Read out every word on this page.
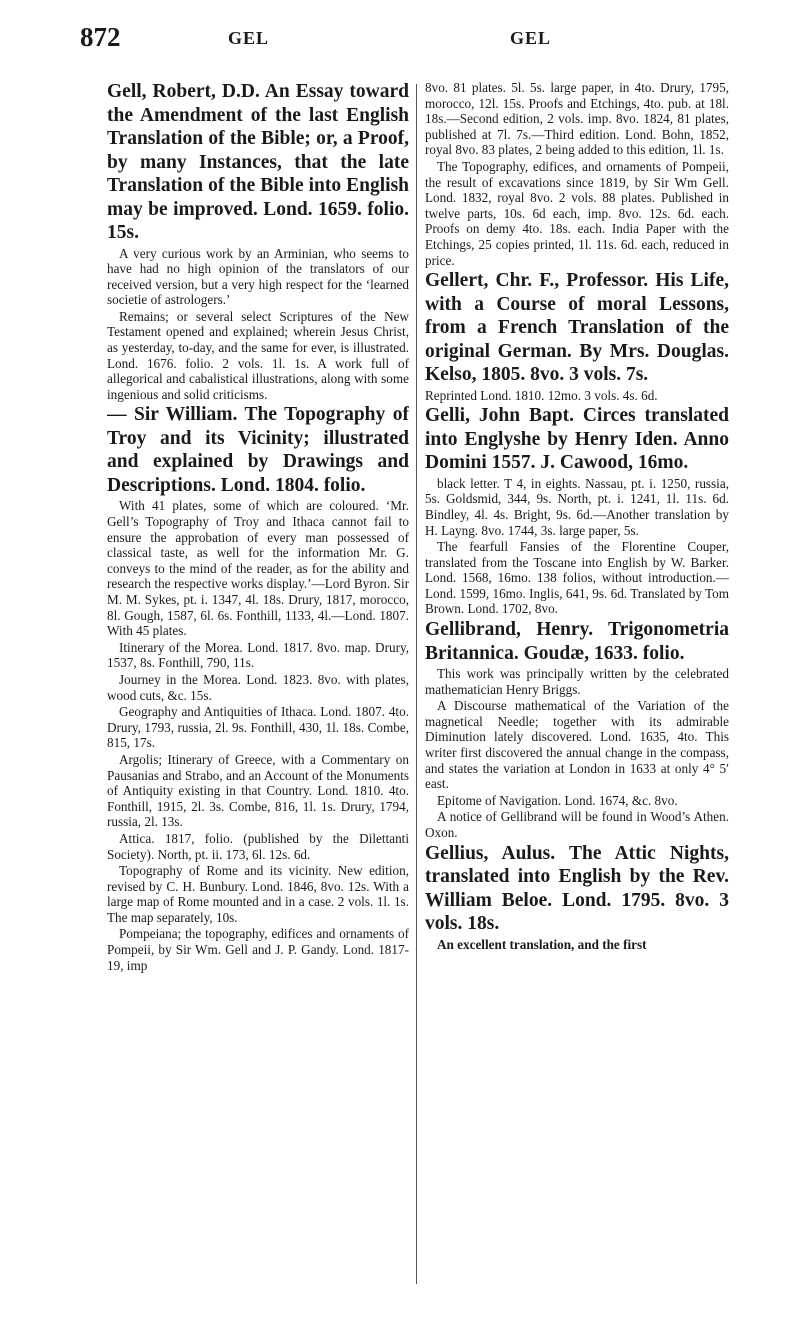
872	GEL	GEL

Gell, Robert, D.D. An Essay toward the Amendment of the last English Translation of the Bible; or, a Proof, by many Instances, that the late Translation of the Bible into English may be improved. Lond. 1659. folio. 15s.

A very curious work by an Arminian, who seems to have had no high opinion of the translators of our received version, but a very high respect for the ‘learned societie of astrologers.’

Remains; or several select Scriptures of the New Testament opened and explained; wherein Jesus Christ, as yesterday, to-day, and the same for ever, is illustrated. Lond. 1676. folio. 2 vols. 1l. 1s. A work full of allegorical and cabalistical illustrations, along with some ingenious and solid criticisms.

— Sir William. The Topography of Troy and its Vicinity; illustrated and explained by Drawings and Descriptions. Lond. 1804. folio.

With 41 plates, some of which are coloured. ‘Mr. Gell’s Topography of Troy and Ithaca cannot fail to ensure the approbation of every man possessed of classical taste, as well for the information Mr. G. conveys to the mind of the reader, as for the ability and research the respective works display.’—Lord Byron. Sir M. M. Sykes, pt. i. 1347, 4l. 18s. Drury, 1817, morocco, 8l. Gough, 1587, 6l. 6s. Fonthill, 1133, 4l.—Lond. 1807. With 45 plates.

Itinerary of the Morea. Lond. 1817. 8vo. map. Drury, 1537, 8s. Fonthill, 790, 11s.

Journey in the Morea. Lond. 1823. 8vo. with plates, wood cuts, &c. 15s.

Geography and Antiquities of Ithaca. Lond. 1807. 4to. Drury, 1793, russia, 2l. 9s. Fonthill, 430, 1l. 18s. Combe, 815, 17s.

Argolis; Itinerary of Greece, with a Commentary on Pausanias and Strabo, and an Account of the Monuments of Antiquity existing in that Country. Lond. 1810. 4to. Fonthill, 1915, 2l. 3s. Combe, 816, 1l. 1s. Drury, 1794, russia, 2l. 13s.

Attica. 1817, folio. (published by the Dilettanti Society). North, pt. ii. 173, 6l. 12s. 6d.

Topography of Rome and its vicinity. New edition, revised by C. H. Bunbury. Lond. 1846, 8vo. 12s. With a large map of Rome mounted and in a case. 2 vols. 1l. 1s. The map separately, 10s.

Pompeiana; the topography, edifices and ornaments of Pompeii, by Sir Wm. Gell and J. P. Gandy. Lond. 1817-19, imp

8vo. 81 plates. 5l. 5s. large paper, in 4to. Drury, 1795, morocco, 12l. 15s. Proofs and Etchings, 4to. pub. at 18l. 18s.—Second edition, 2 vols. imp. 8vo. 1824, 81 plates, published at 7l. 7s.—Third edition. Lond. Bohn, 1852, royal 8vo. 83 plates, 2 being added to this edition, 1l. 1s.

The Topography, edifices, and ornaments of Pompeii, the result of excavations since 1819, by Sir Wm Gell. Lond. 1832, royal 8vo. 2 vols. 88 plates. Published in twelve parts, 10s. 6d each, imp. 8vo. 12s. 6d. each. Proofs on demy 4to. 18s. each. India Paper with the Etchings, 25 copies printed, 1l. 11s. 6d. each, reduced in price.

Gellert, Chr. F., Professor. His Life, with a Course of moral Lessons, from a French Translation of the original German. By Mrs. Douglas. Kelso, 1805. 8vo. 3 vols. 7s.

Reprinted Lond. 1810. 12mo. 3 vols. 4s. 6d.

Gelli, John Bapt. Circes translated into Englyshe by Henry Iden. Anno Domini 1557. J. Cawood, 16mo.

black letter. T 4, in eights. Nassau, pt. i. 1250, russia, 5s. Goldsmid, 344, 9s. North, pt. i. 1241, 1l. 11s. 6d. Bindley, 4l. 4s. Bright, 9s. 6d.—Another translation by H. Layng. 8vo. 1744, 3s. large paper, 5s.

The fearfull Fansies of the Florentine Couper, translated from the Toscane into English by W. Barker. Lond. 1568, 16mo. 138 folios, without introduction.—Lond. 1599, 16mo. Inglis, 641, 9s. 6d. Translated by Tom Brown. Lond. 1702, 8vo.

Gellibrand, Henry. Trigonometria Britannica. Goudæ, 1633. folio.

This work was principally written by the celebrated mathematician Henry Briggs.

A Discourse mathematical of the Variation of the magnetical Needle; together with its admirable Diminution lately discovered. Lond. 1635, 4to. This writer first discovered the annual change in the compass, and states the variation at London in 1633 at only 4° 5′ east.

Epitome of Navigation. Lond. 1674, &c. 8vo.

A notice of Gellibrand will be found in Wood’s Athen. Oxon.

Gellius, Aulus. The Attic Nights, translated into English by the Rev. William Beloe. Lond. 1795. 8vo. 3 vols. 18s.

An excellent translation, and the first
